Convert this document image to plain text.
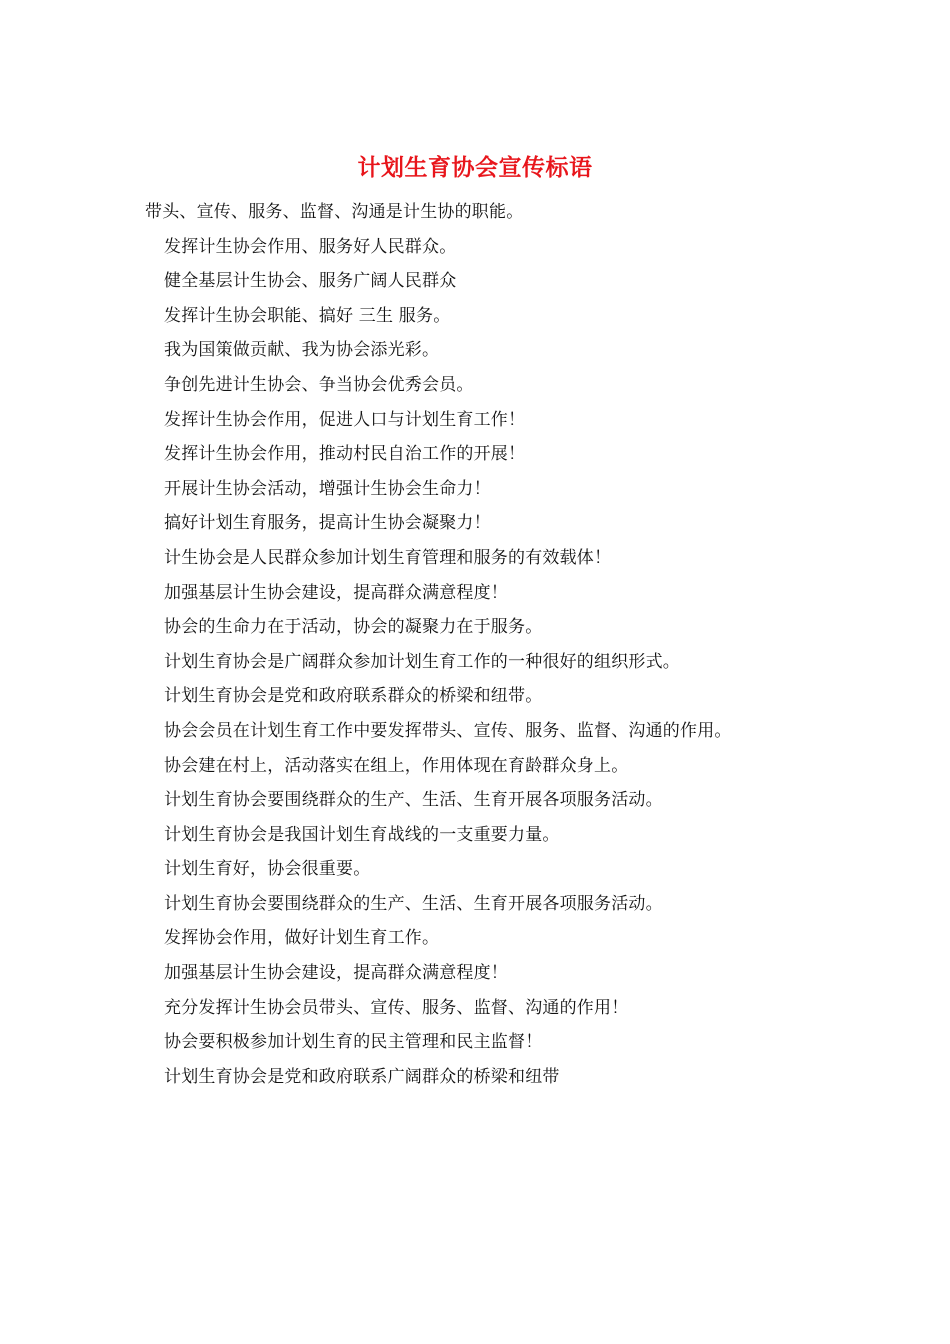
计划生育协会宣传标语
带头、宣传、服务、监督、沟通是计生协的职能。
发挥计生协会作用、服务好人民群众。
健全基层计生协会、服务广阔人民群众
发挥计生协会职能、搞好 三生 服务。
我为国策做贡献、我为协会添光彩。
争创先进计生协会、争当协会优秀会员。
发挥计生协会作用，促进人口与计划生育工作！
发挥计生协会作用，推动村民自治工作的开展！
开展计生协会活动，增强计生协会生命力！
搞好计划生育服务，提高计生协会凝聚力！
计生协会是人民群众参加计划生育管理和服务的有效载体！
加强基层计生协会建设，提高群众满意程度！
协会的生命力在于活动，协会的凝聚力在于服务。
计划生育协会是广阔群众参加计划生育工作的一种很好的组织形式。
计划生育协会是党和政府联系群众的桥梁和纽带。
协会会员在计划生育工作中要发挥带头、宣传、服务、监督、沟通的作用。
协会建在村上，活动落实在组上，作用体现在育龄群众身上。
计划生育协会要围绕群众的生产、生活、生育开展各项服务活动。
计划生育协会是我国计划生育战线的一支重要力量。
计划生育好，协会很重要。
计划生育协会要围绕群众的生产、生活、生育开展各项服务活动。
发挥协会作用，做好计划生育工作。
加强基层计生协会建设，提高群众满意程度！
充分发挥计生协会员带头、宣传、服务、监督、沟通的作用！
协会要积极参加计划生育的民主管理和民主监督！
计划生育协会是党和政府联系广阔群众的桥梁和纽带
